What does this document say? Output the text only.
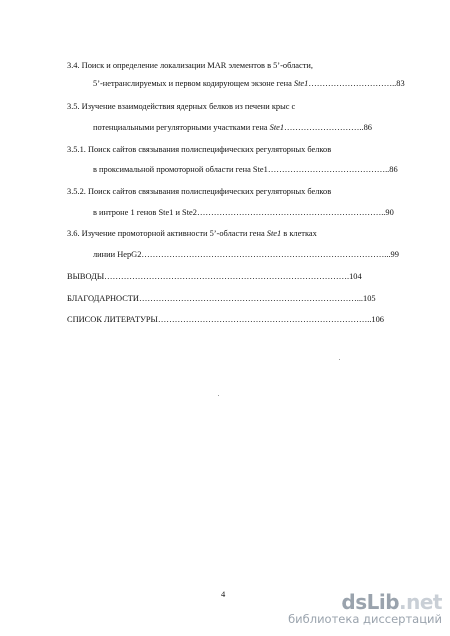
3.4. Поиск и определение локализации MAR элементов в 5’-области,
5’-нетранслируемых и первом кодирующем экзоне гена Ste1…………………………..83
3.5. Изучение взаимодействия ядерных белков из печени крыс с
потенциальными регуляторными участками гена Ste1………………………..86
3.5.1. Поиск сайтов связывания полиспецифических регуляторных белков
в проксимальной промоторной области гена Ste1……………………………………..86
3.5.2. Поиск сайтов связывания полиспецифических регуляторных белков
в интроне 1 генов Ste1 и Ste2…………………………………………………………..90
3.6. Изучение промоторной активности 5’-области гена Ste1 в клетках
линии HepG2……………………………………………………………………………...99
ВЫВОДЫ…………………………………………………………………………….104
БЛАГОДАРНОСТИ……………………………………………………………………...105
СПИСОК ЛИТЕРАТУРЫ…………………………………………………………………..106
4	dsLib.net
библиотека диссертаций
